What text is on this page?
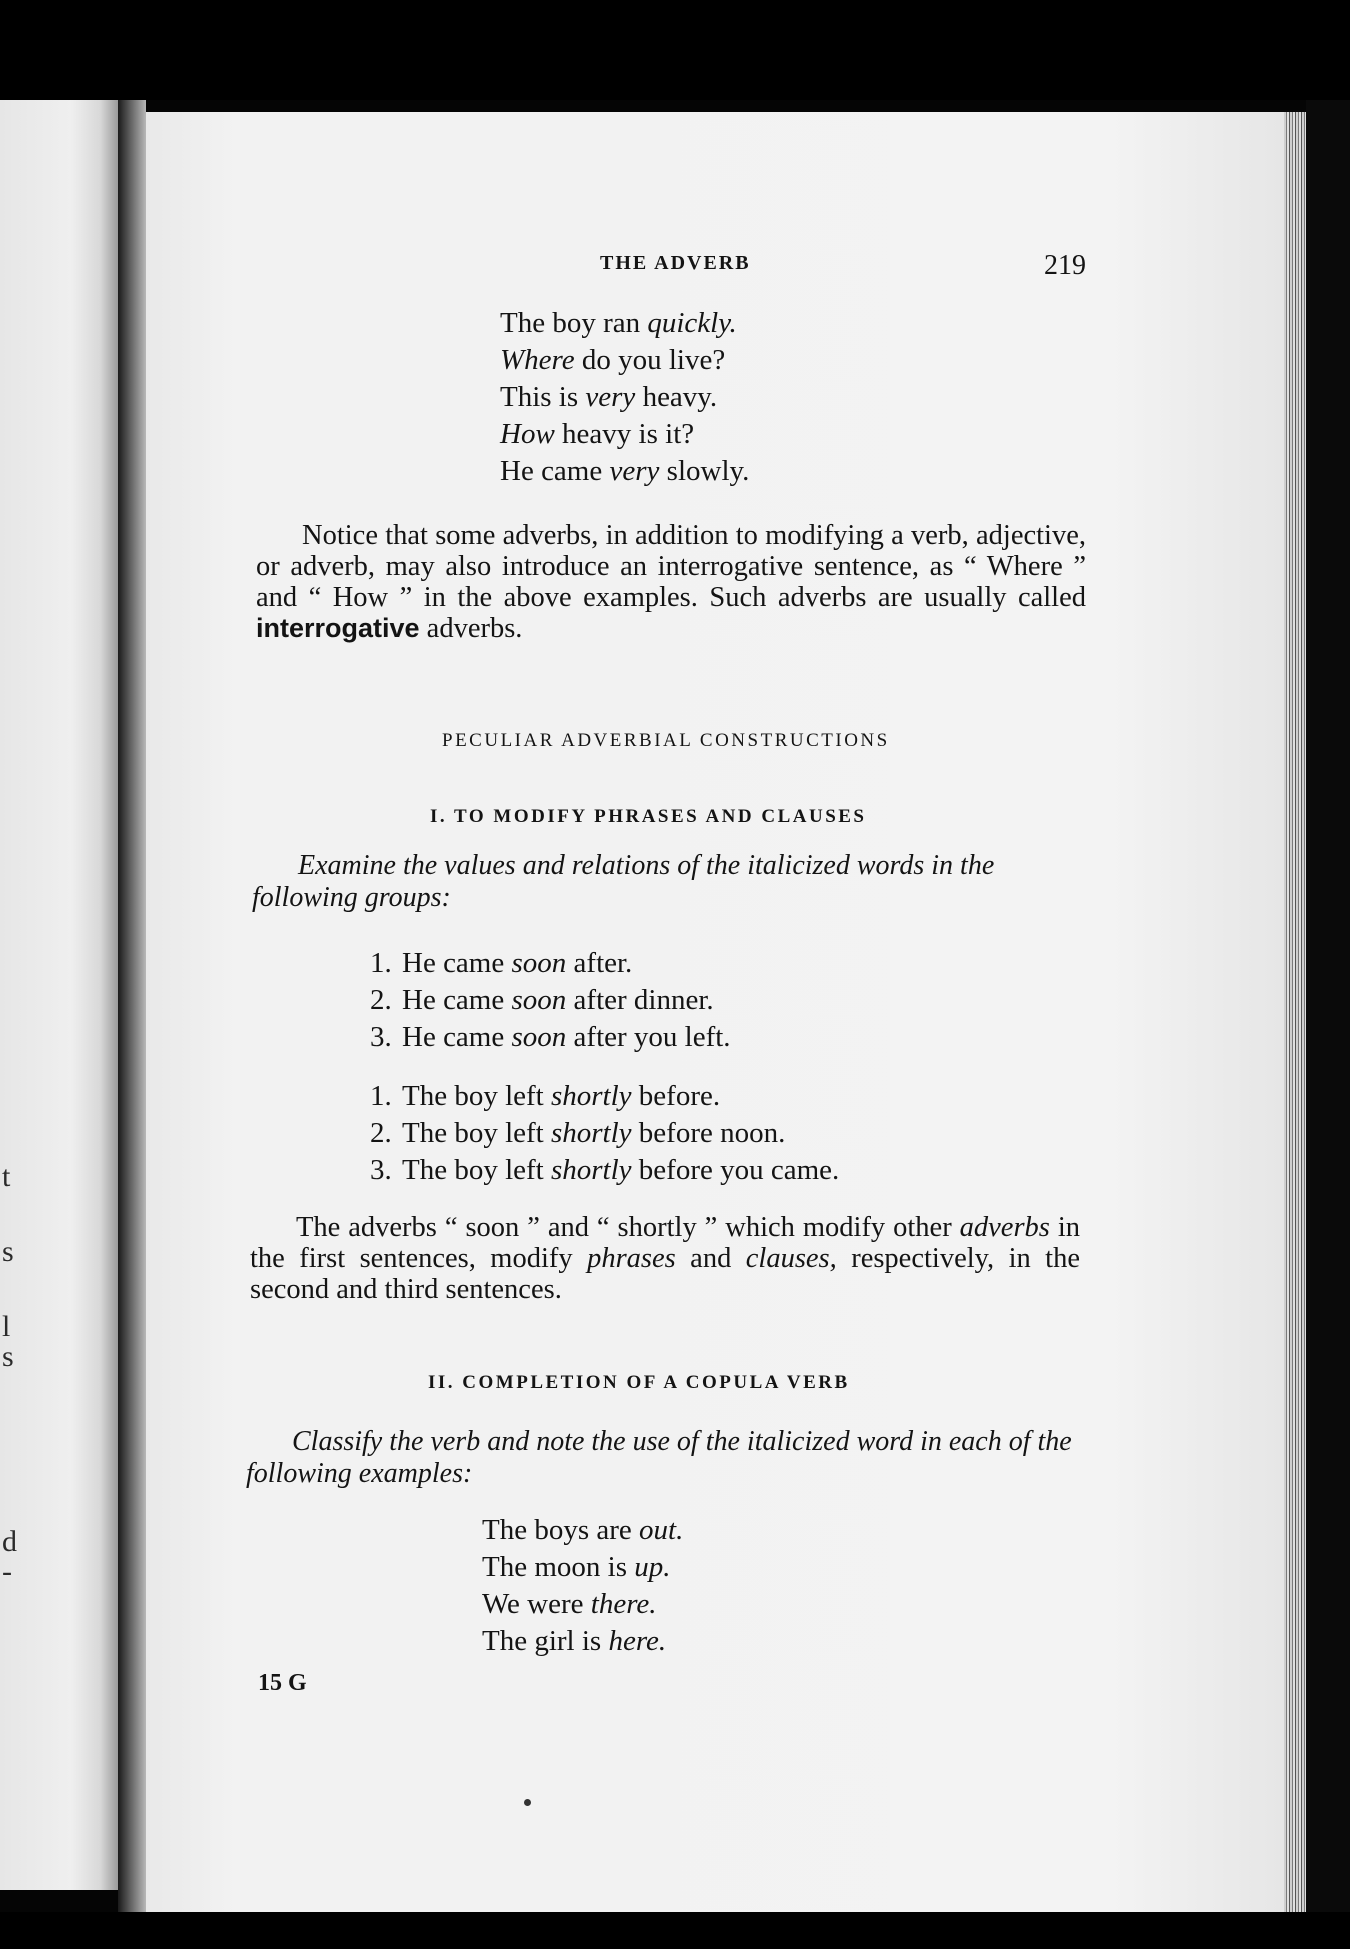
t
s
l
s
d
-
THE ADVERB	219
The boy ran quickly.
Where do you live?
This is very heavy.
How heavy is it?
He came very slowly.

Notice that some adverbs, in addition to modifying a verb, adjective, or adverb, may also introduce an interrogative sentence, as “ Where ” and “ How ” in the above examples. Such adverbs are usually called interrogative adverbs.

PECULIAR ADVERBIAL CONSTRUCTIONS
I. TO MODIFY PHRASES AND CLAUSES

Examine the values and relations of the italicized words in the following groups:

1. He came soon after.
2. He came soon after dinner.
3. He came soon after you left.
1. The boy left shortly before.
2. The boy left shortly before noon.
3. The boy left shortly before you came.

The adverbs “ soon ” and “ shortly ” which modify other adverbs in the first sentences, modify phrases and clauses, respectively, in the second and third sentences.

II. COMPLETION OF A COPULA VERB

Classify the verb and note the use of the italicized word in each of the following examples:

The boys are out.
The moon is up.
We were there.
The girl is here.
15 G
